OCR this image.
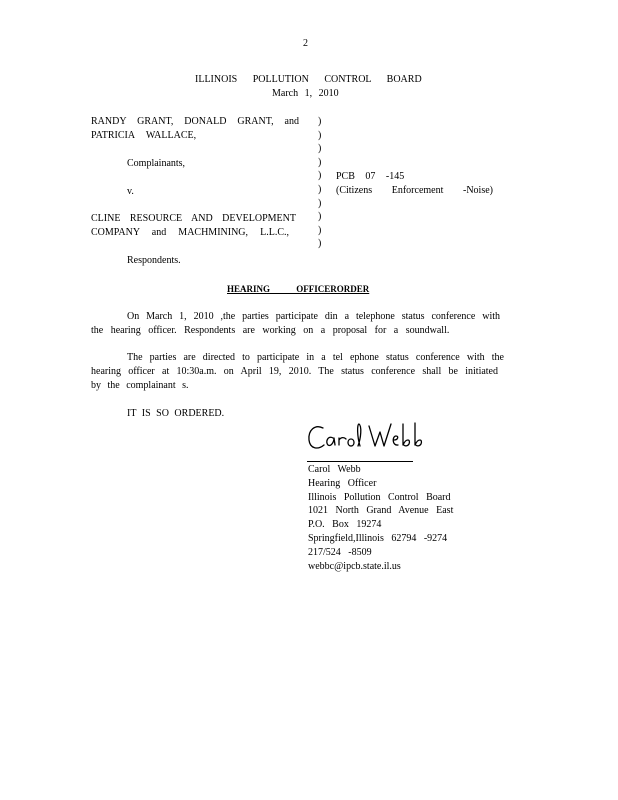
2
ILLINOIS POLLUTION CONTROL BOARD
March 1, 2010
RANDY GRANT, DONALD GRANT, and
PATRICIA WALLACE,
Complainants,
v.
CLINE RESOURCE AND DEVELOPMENT
COMPANY and MACHMINING, L.L.C.,
Respondents.
)
)
)
)
)
)
)
)
)
)
PCB 07 -145
(Citizens Enforcement -Noise)
HEARING OFFICERORDER
On March 1, 2010 ,the parties participate din a telephone status conference with
the hearing officer. Respondents are working on a proposal for a soundwall.
The parties are directed to participate in a tel ephone status conference with the
hearing officer at 10:30a.m. on April 19, 2010. The status conference shall be initiated
by the complainant s.
IT IS SO ORDERED.
Carol Webb
Hearing Officer
Illinois Pollution Control Board
1021 North Grand Avenue East
P.O. Box 19274
Springfield,Illinois 62794 -9274
217/524 -8509
webbc@ipcb.state.il.us
